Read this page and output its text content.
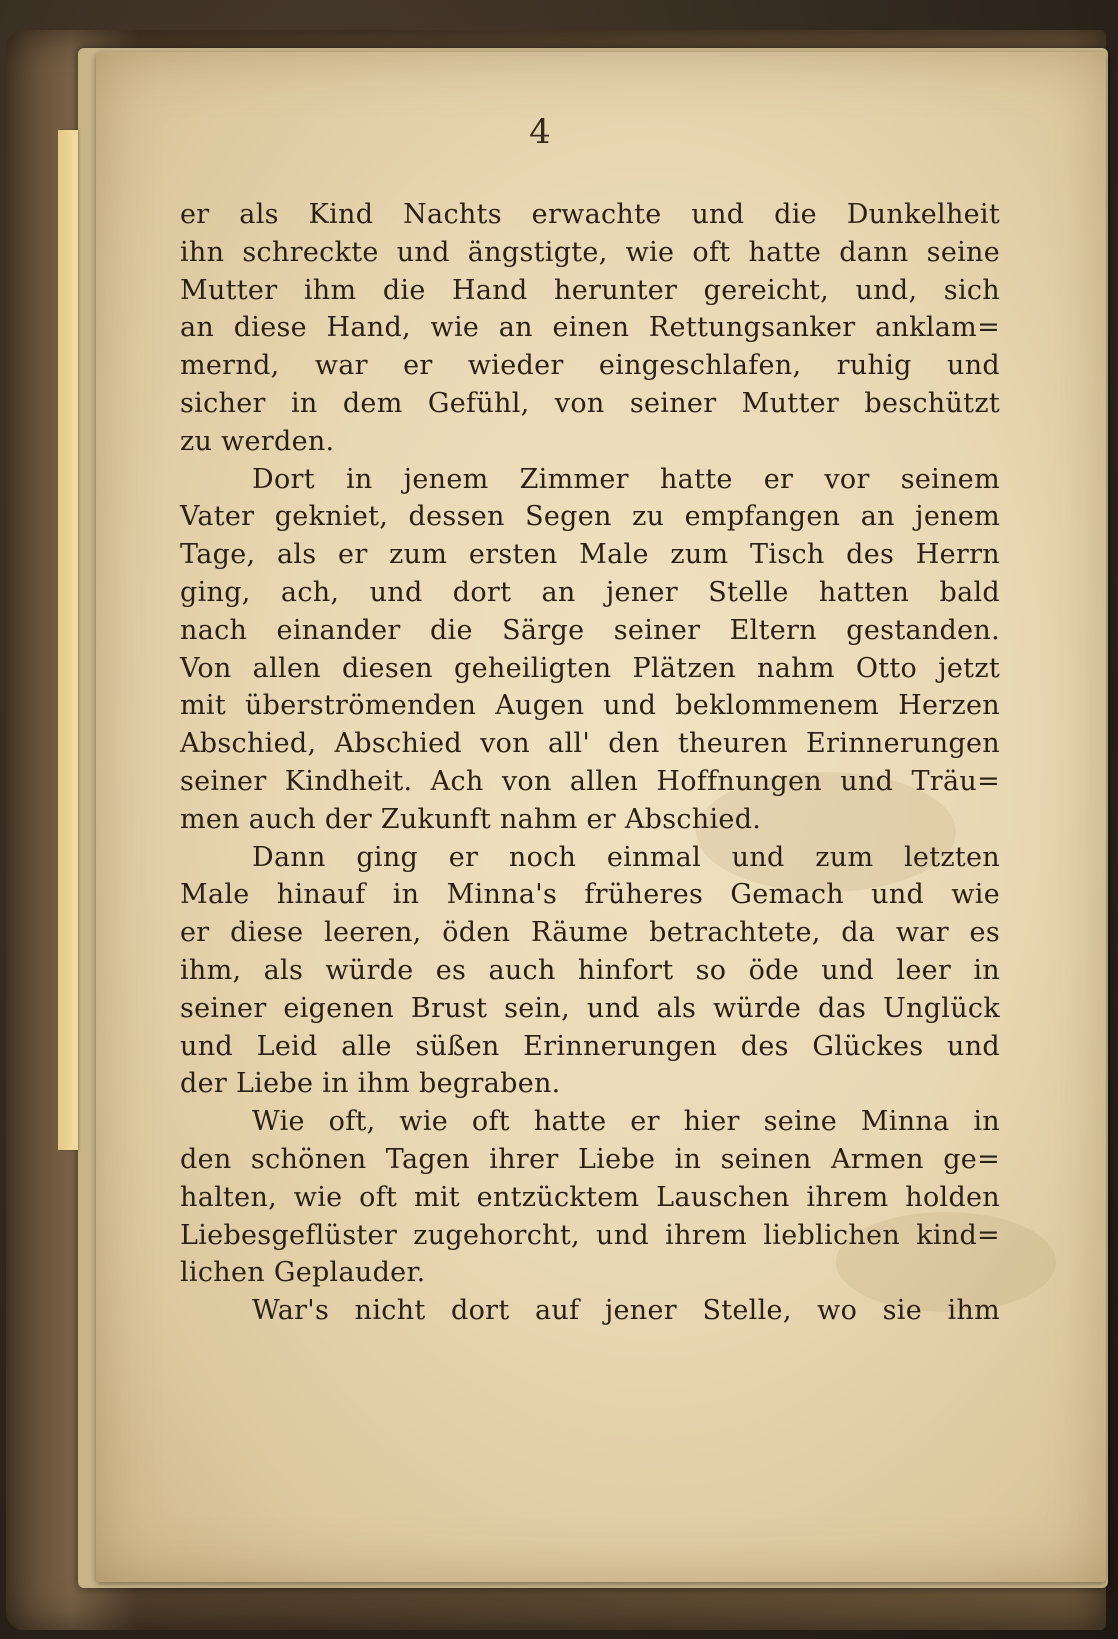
4
er als Kind Nachts erwachte und die Dunkelheit
ihn schreckte und ängstigte, wie oft hatte dann seine
Mutter ihm die Hand herunter gereicht, und, sich
an diese Hand, wie an einen Rettungsanker anklam=
mernd, war er wieder eingeschlafen, ruhig und
sicher in dem Gefühl, von seiner Mutter beschützt
zu werden.
Dort in jenem Zimmer hatte er vor seinem
Vater gekniet, dessen Segen zu empfangen an jenem
Tage, als er zum ersten Male zum Tisch des Herrn
ging, ach, und dort an jener Stelle hatten bald
nach einander die Särge seiner Eltern gestanden.
Von allen diesen geheiligten Plätzen nahm Otto jetzt
mit überströmenden Augen und beklommenem Herzen
Abschied, Abschied von all' den theuren Erinnerungen
seiner Kindheit. Ach von allen Hoffnungen und Träu=
men auch der Zukunft nahm er Abschied.
Dann ging er noch einmal und zum letzten
Male hinauf in Minna's früheres Gemach und wie
er diese leeren, öden Räume betrachtete, da war es
ihm, als würde es auch hinfort so öde und leer in
seiner eigenen Brust sein, und als würde das Unglück
und Leid alle süßen Erinnerungen des Glückes und
der Liebe in ihm begraben.
Wie oft, wie oft hatte er hier seine Minna in
den schönen Tagen ihrer Liebe in seinen Armen ge=
halten, wie oft mit entzücktem Lauschen ihrem holden
Liebesgeflüster zugehorcht, und ihrem lieblichen kind=
lichen Geplauder.
War's nicht dort auf jener Stelle, wo sie ihm
